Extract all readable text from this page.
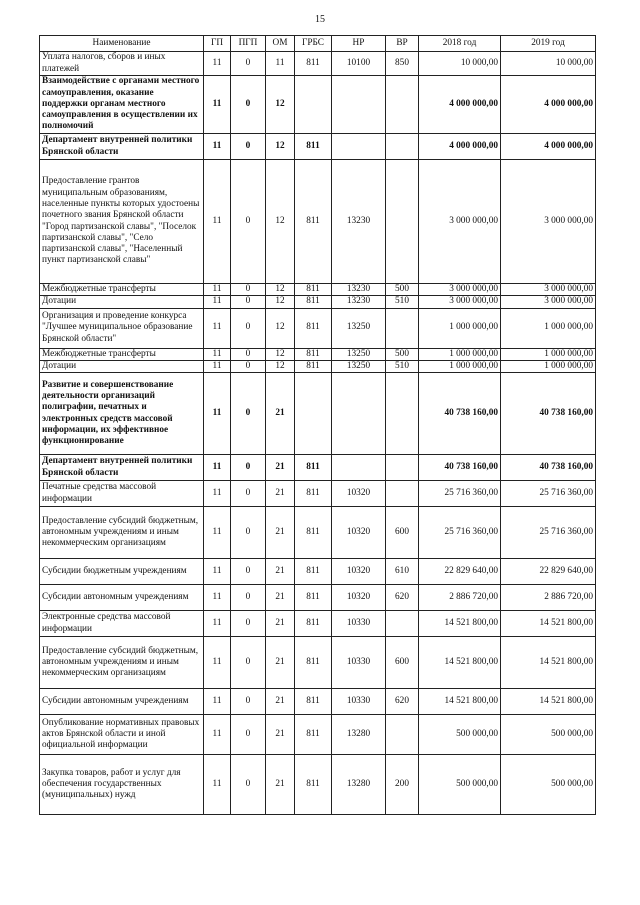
15
Наименование	ГП	ПГП	ОМ	ГРБС	НР	ВР	2018 год	2019 год
Уплата налогов, сборов и иных платежей	11	0	11	811	10100	850	10 000,00	10 000,00
Взаимодействие с органами местного самоуправления, оказание поддержки органам местного самоуправления в осуществлении их полномочий	11	0	12				4 000 000,00	4 000 000,00
Департамент внутренней политики Брянской области	11	0	12	811			4 000 000,00	4 000 000,00
Предоставление грантов муниципальным образованиям, населенные пункты которых удостоены почетного звания Брянской области "Город партизанской славы", "Поселок партизанской славы", "Село партизанской славы", "Населенный пункт партизанской славы"	11	0	12	811	13230		3 000 000,00	3 000 000,00
Межбюджетные трансферты	11	0	12	811	13230	500	3 000 000,00	3 000 000,00
Дотации	11	0	12	811	13230	510	3 000 000,00	3 000 000,00
Организация и проведение конкурса "Лучшее муниципальное образование Брянской области"	11	0	12	811	13250		1 000 000,00	1 000 000,00
Межбюджетные трансферты	11	0	12	811	13250	500	1 000 000,00	1 000 000,00
Дотации	11	0	12	811	13250	510	1 000 000,00	1 000 000,00
Развитие и совершенствование деятельности организаций полиграфии, печатных и электронных средств массовой информации, их эффективное функционирование	11	0	21				40 738 160,00	40 738 160,00
Департамент внутренней политики Брянской области	11	0	21	811			40 738 160,00	40 738 160,00
Печатные средства массовой информации	11	0	21	811	10320		25 716 360,00	25 716 360,00
Предоставление субсидий бюджетным, автономным учреждениям и иным некоммерческим организациям	11	0	21	811	10320	600	25 716 360,00	25 716 360,00
Субсидии бюджетным учреждениям	11	0	21	811	10320	610	22 829 640,00	22 829 640,00
Субсидии автономным учреждениям	11	0	21	811	10320	620	2 886 720,00	2 886 720,00
Электронные средства массовой информации	11	0	21	811	10330		14 521 800,00	14 521 800,00
Предоставление субсидий бюджетным, автономным учреждениям и иным некоммерческим организациям	11	0	21	811	10330	600	14 521 800,00	14 521 800,00
Субсидии автономным учреждениям	11	0	21	811	10330	620	14 521 800,00	14 521 800,00
Опубликование нормативных правовых актов Брянской области и иной официальной информации	11	0	21	811	13280		500 000,00	500 000,00
Закупка товаров, работ и услуг для обеспечения государственных (муниципальных) нужд	11	0	21	811	13280	200	500 000,00	500 000,00
